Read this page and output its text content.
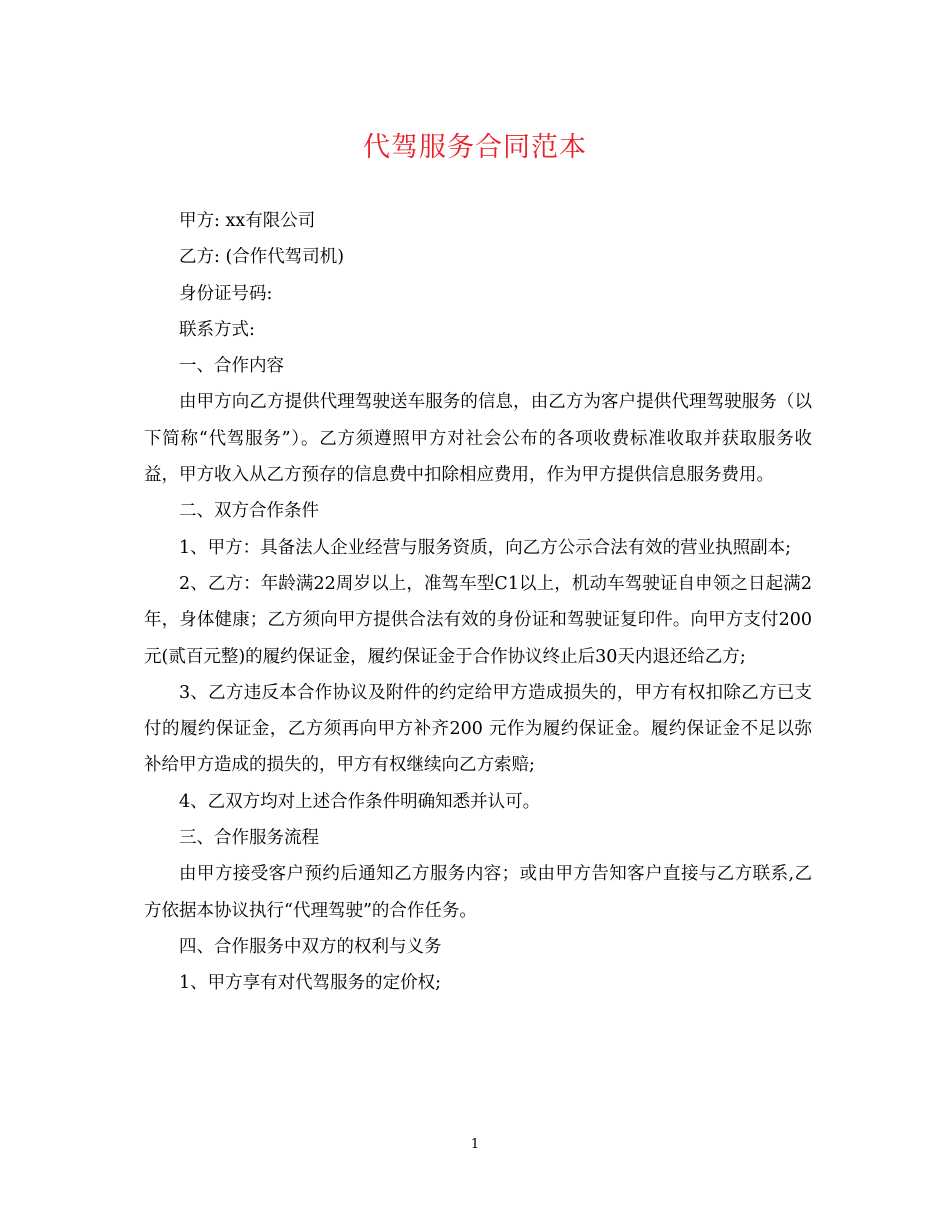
代驾服务合同范本

甲方: xx有限公司

乙方: (合作代驾司机)

身份证号码:

联系方式:

一、合作内容

由甲方向乙方提供代理驾驶送车服务的信息，由乙方为客户提供代理驾驶服务（以下简称“代驾服务”）。乙方须遵照甲方对社会公布的各项收费标准收取并获取服务收益，甲方收入从乙方预存的信息费中扣除相应费用，作为甲方提供信息服务费用。

二、双方合作条件

1、甲方：具备法人企业经营与服务资质，向乙方公示合法有效的营业执照副本;

2、乙方：年龄满22周岁以上，准驾车型C1以上，机动车驾驶证自申领之日起满2 年，身体健康；乙方须向甲方提供合法有效的身份证和驾驶证复印件。向甲方支付200 元(贰百元整)的履约保证金，履约保证金于合作协议终止后30天内退还给乙方;

3、乙方违反本合作协议及附件的约定给甲方造成损失的，甲方有权扣除乙方已支付的履约保证金，乙方须再向甲方补齐200 元作为履约保证金。履约保证金不足以弥补给甲方造成的损失的，甲方有权继续向乙方索赔;

4、乙双方均对上述合作条件明确知悉并认可。

三、合作服务流程

由甲方接受客户预约后通知乙方服务内容；或由甲方告知客户直接与乙方联系,乙方依据本协议执行“代理驾驶”的合作任务。

四、合作服务中双方的权利与义务

1、甲方享有对代驾服务的定价权;

1
